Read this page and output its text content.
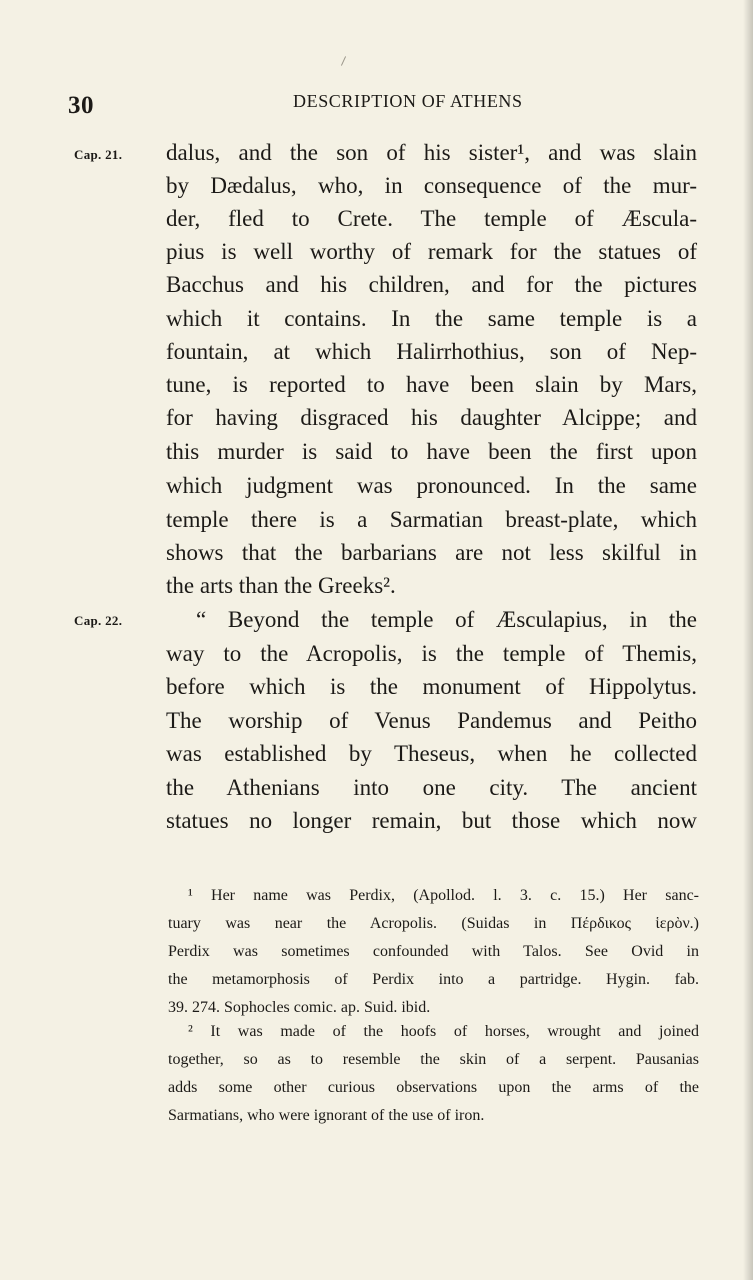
30	DESCRIPTION OF ATHENS
Cap. 21.
Cap. 22.
dalus, and the son of his sister¹, and was slain
by Dædalus, who, in consequence of the mur-
der, fled to Crete. The temple of Æscula-
pius is well worthy of remark for the statues of
Bacchus and his children, and for the pictures
which it contains. In the same temple is a
fountain, at which Halirrhothius, son of Nep-
tune, is reported to have been slain by Mars,
for having disgraced his daughter Alcippe; and
this murder is said to have been the first upon
which judgment was pronounced. In the same
temple there is a Sarmatian breast-plate, which
shows that the barbarians are not less skilful in
the arts than the Greeks².
“ Beyond the temple of Æsculapius, in the
way to the Acropolis, is the temple of Themis,
before which is the monument of Hippolytus.
The worship of Venus Pandemus and Peitho
was established by Theseus, when he collected
the Athenians into one city. The ancient
statues no longer remain, but those which now
¹ Her name was Perdix, (Apollod. l. 3. c. 15.) Her sanc-
tuary was near the Acropolis. (Suidas in Πέρδικος ἱερὸν.)
Perdix was sometimes confounded with Talos. See Ovid in
the metamorphosis of Perdix into a partridge. Hygin. fab.
39. 274. Sophocles comic. ap. Suid. ibid.
² It was made of the hoofs of horses, wrought and joined
together, so as to resemble the skin of a serpent. Pausanias
adds some other curious observations upon the arms of the
Sarmatians, who were ignorant of the use of iron.
